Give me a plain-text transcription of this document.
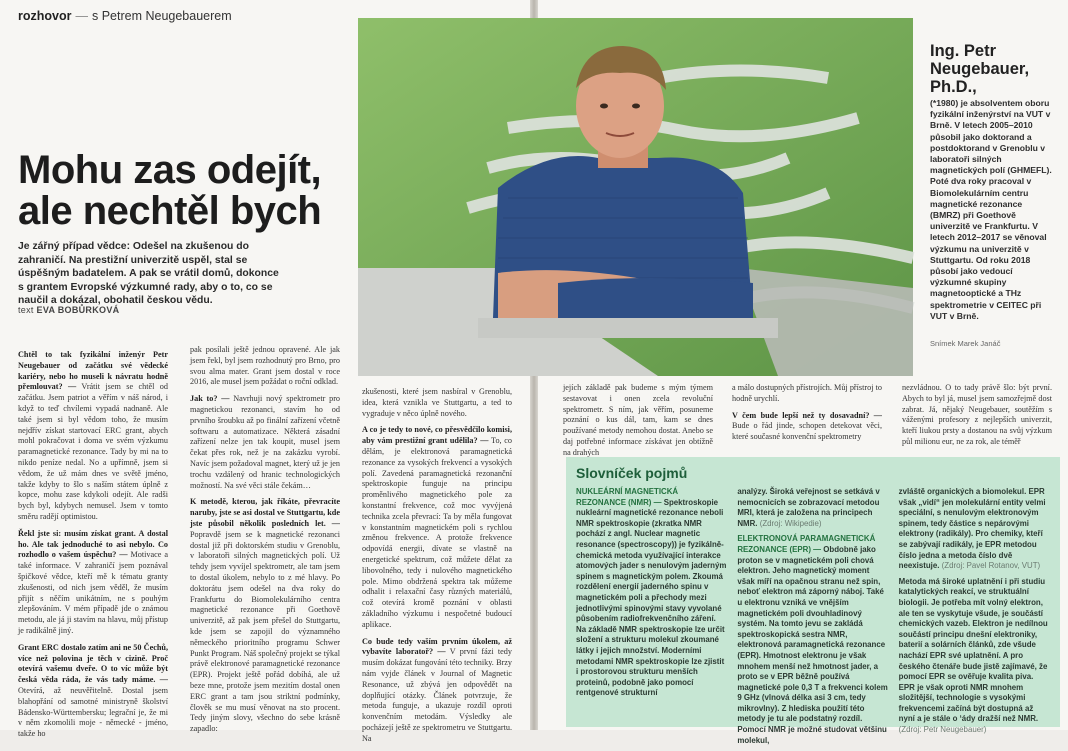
rozhovor — s Petrem Neugebauerem
Mohu zas odejít,
ale nechtěl bych
Je zářný případ vědce: Odešel na zkušenou do zahraničí. Na prestižní univerzitě uspěl, stal se úspěšným badatelem. A pak se vrátil domů, dokonce s grantem Evropské výzkumné rady, aby o to, co se naučil a dokázal, obohatil českou vědu.
text EVA BOBŮRKOVÁ
Ing. Petr Neugebauer, Ph.D.,
(*1980) je absolventem oboru fyzikální inženýrství na VUT v Brně. V letech 2005–2010 působil jako doktorand a postdoktorand v Grenoblu v laboratoři silných magnetických polí (GHMEFL). Poté dva roky pracoval v Biomolekulárním centru magnetické rezonance (BMRZ) při Goethově univerzitě ve Frankfurtu. V letech 2012–2017 se věnoval výzkumu na univerzitě v Stuttgartu. Od roku 2018 působí jako vedoucí výzkumné skupiny magnetooptické a THz spektrometrie v CEITEC při VUT v Brně.
Snímek Marek Janáč

Chtěl to tak fyzikální inženýr Petr Neugebauer od začátku své vědecké kariéry, nebo ho museli k návratu hodně přemlouvat? — Vrátit jsem se chtěl od začátku. Jsem patriot a věřím v náš národ, i když to teď chvílemi vypadá nadnaně. Ale také jsem si byl vědom toho, že musím nejdřív získat startovací ERC grant, abych mohl pokračovat i doma ve svém výzkumu paramagnetické rezonance. Tady by mi na to nikdo peníze nedal. No a upřímně, jsem si vědom, že už mám dnes ve světě jméno, takže kdyby to šlo s naším státem úplně z kopce, mohu zase kdykoli odejít. Ale radši bych byl, kdybych nemusel. Jsem v tomto směru radějí optimistou.

Řekl jste si: musím získat grant. A dostal ho. Ale tak jednoduché to asi nebylo. Co rozhodlo o vašem úspěchu? — Motivace a také informace. V zahraničí jsem poznával špičkové vědce, kteří mě k tématu granty zkušenosti, od nich jsem věděl, že musím přijít s něčím unikátním, ne s pouhým zlepšováním. V mém případě jde o známou metodu, ale já ji stavím na hlavu, můj přístup je radikálně jiný.

Grant ERC dostalo zatím ani ne 50 Čechů, více než polovina je těch v cizině. Proč otevírá vašemu dveře. O to víc může být česká věda ráda, že vás tady máme. — Otevírá, až neuvěřitelně. Dostal jsem blahopřání od samotné ministryně školství Bádensko-Württembersku; legrační je, že mi v něm zkomolili moje - německé - jméno, takže ho

pak posílali ještě jednou opravené. Ale jak jsem řekl, byl jsem rozhodnutý pro Brno, pro svou alma mater. Grant jsem dostal v roce 2016, ale musel jsem požádat o roční odklad.

Jak to? — Navrhuji nový spektrometr pro magnetickou rezonanci, stavím ho od prvního šroubku až po finální zařízení včetně softwaru a automatizace. Některá zásadní zařízení nelze jen tak koupit, musel jsem čekat přes rok, než je na zakázku vyrobí. Navíc jsem požadoval magnet, který už je jen trochu vzdálený od hranic technologických možností. Na své věci stále čekám…

K metodě, kterou, jak říkáte, převracíte naruby, jste se asi dostal ve Stuttgartu, kde jste působil několik posledních let. — Popravdě jsem se k magnetické rezonanci dostal již při doktorském studiu v Grenoblu, v laboratoři silných magnetických polí. Už tehdy jsem vyvíjel spektrometr, ale tam jsem to dostal úkolem, nebylo to z mé hlavy. Po doktorátu jsem odešel na dva roky do Frankfurtu do Biomolekulárního centra magnetické rezonance při Goethově univerzitě, až pak jsem přešel do Stuttgartu, kde jsem se zapojil do významného německého prioritního programu Schwer Punkt Program. Náš společný projekt se týkal právě elektronové paramagnetické rezonance (EPR). Projekt ještě pořád dobíhá, ale už beze mne, protože jsem mezitím dostal onen ERC grant a tam jsou striktní podmínky, člověk se mu musí věnovat na sto procent. Tedy jiným slovy, všechno do sebe krásně zapadlo:

zkušenosti, které jsem nasbíral v Grenoblu, idea, která vznikla ve Stuttgartu, a ted to vygraduje v něco úplně nového.

A co je tedy to nové, co přesvědčilo komisi, aby vám prestižní grant udělila? — To, co dělám, je elektronová paramagnetická rezonance za vysokých frekvencí a vysokých polí. Zavedená paramagnetická rezonanční spektroskopie funguje na principu proměnlivého magnetického pole za konstantní frekvence, což moc vyvýjená technika zcela převrací: Ta by měla fungovat v konstantním magnetickém poli s rychlou změnou frekvence. A protože frekvence odpovídá energii, dívate se vlastně na energetické spektrum, což můžete dělat za libovolného, tedy i nulového magnetického pole. Mimo obdržená spektra tak můžeme odhalit i relaxační časy různých materiálů, což otevírá kromě poznání v oblasti základního výzkumu i nespočetné budoucí aplikace.

Co bude tedy vaším prvním úkolem, až vybavíte laboratoř? — V první fázi tedy musím dokázat fungování této techniky. Brzy nám vyjde článek v Journal of Magnetic Resonance, už zbývá jen odpovědět na doplňující otázky. Článek potvrzuje, že metoda funguje, a ukazuje rozdíl oproti konvenčním metodám. Výsledky ale pocházejí ještě ze spektrometru ve Stuttgartu. Na

jejích základě pak budeme s mým týmem sestavovat i onen zcela revoluční spektrometr. S ním, jak věřím, posuneme poznání o kus dál, tam, kam se dnes používané metody nemohou dostat. Anebo se daj potřebné informace získávat jen obtížně na drahých

a málo dostupných přístrojích. Můj přístroj to hodně urychlí.

V čem bude lepší než ty dosavadní? — Bude o řád jinde, schopen detekovat věci, které současné konvenční spektrometry

nezvládnou. O to tady právě šlo: být první. Abych to byl já, musel jsem samozřejmě dost zabrat. Já, nějaký Neugebauer, soutěžím s váženými profesory z nejlepších univerzit, kteří liukou prsty a dostanou na svůj výzkum půl milionu eur, ne za rok, ale téměř

Slovníček pojmů

NUKLEÁRNÍ MAGNETICKÁ REZONANCE (NMR) — Spektroskopie nukleární magnetické rezonance neboli NMR spektroskopie (zkratka NMR pochází z angl. Nuclear magnetic resonance (spectroscopy)) je fyzikálně-chemická metoda využívající interakce atomových jader s nenulovým jaderným spinem s magnetickým polem. Zkoumá rozdělení energií jaderného spinu v magnetickém poli a přechody mezi jednotlivými spinovými stavy vyvolané působením radiofrekvenčního záření. Na základě NMR spektroskopie lze určit složení a strukturu molekul zkoumané látky i jejich množství. Moderními metodami NMR spektroskopie lze zjistit i prostorovou strukturu menších proteinů, podobně jako pomocí rentgenové strukturní

analýzy. Široká veřejnost se setkává v nemocnicích se zobrazovací metodou MRI, která je založena na principech NMR. (Zdroj: Wikipedie)

ELEKTRONOVÁ PARAMAGNETICKÁ REZONANCE (EPR) — Obdobně jako proton se v magnetickém poli chová elektron. Jeho magnetický moment však míří na opačnou stranu než spin, neboť elektron má záporný náboj. Také u elektronu vzniká ve vnějším magnetickém poli dvouhladinový systém. Na tomto jevu se zakládá spektroskopická sestra NMR, elektronová paramagnetická rezonance (EPR). Hmotnost elektronu je však mnohem menší než hmotnost jader, a proto se v EPR běžně používá magnetické pole 0,3 T a frekvenci kolem 9 GHz (vlnová délka asi 3 cm, tedy mikrovlny). Z hlediska použití této metody je tu ale podstatný rozdíl. Pomocí NMR je možné studovat většinu molekul,

zvláště organických a biomolekul. EPR však „vidí“ jen molekulární entity velmi speciální, s nenulovým elektronovým spinem, tedy částice s nepárovými elektrony (radikály). Pro chemiky, kteří se zabývají radikály, je EPR metodou číslo jedna a metoda číslo dvě neexistuje. (Zdroj: Pavel Rotanov, VUT)

Metoda má široké uplatnění i při studiu katalytických reakcí, ve struktuální biologii. Je potřeba mít volný elektron, ale ten se vyskytuje všude, je součástí chemických vazeb. Elektron je nedílnou součástí principu dnešní elektroniky, baterií a solárních článků, zde všude nachází EPR své uplatnění. A pro českého čtenáře bude jistě zajímavé, že pomocí EPR se ověřuje kvalita piva. EPR je však oproti NMR mnohem složitější, technologie s vysokými frekvencemi začíná být dostupná až nyní a je stále o ‘ády dražší než NMR. (Zdroj: Petr Neugebauer)
